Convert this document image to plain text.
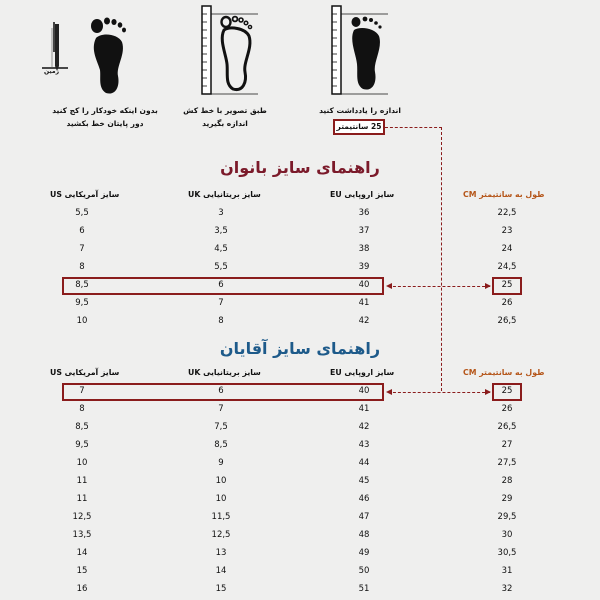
زمین
بدون اینکه خودکار را کج کنید
دور پایتان خط بکشید
طبق تصویر با خط کش
اندازه بگیرید
اندازه را یادداشت کنید
25 سانتیمتر
راهنمای سایز بانوان
سایز آمریکایی US	سایز بریتانیایی UK	سایز اروپایی EU	طول به سانتیمتر CM
5,5	3	36	22,5
6	3,5	37	23
7	4,5	38	24
8	5,5	39	24,5
8,5	6	40	25
9,5	7	41	26
10	8	42	26,5
راهنمای سایز آقایان
سایز آمریکایی US	سایز بریتانیایی UK	سایز اروپایی EU	طول به سانتیمتر CM
7	6	40	25
8	7	41	26
8,5	7,5	42	26,5
9,5	8,5	43	27
10	9	44	27,5
11	10	45	28
11	10	46	29
12,5	11,5	47	29,5
13,5	12,5	48	30
14	13	49	30,5
15	14	50	31
16	15	51	32
